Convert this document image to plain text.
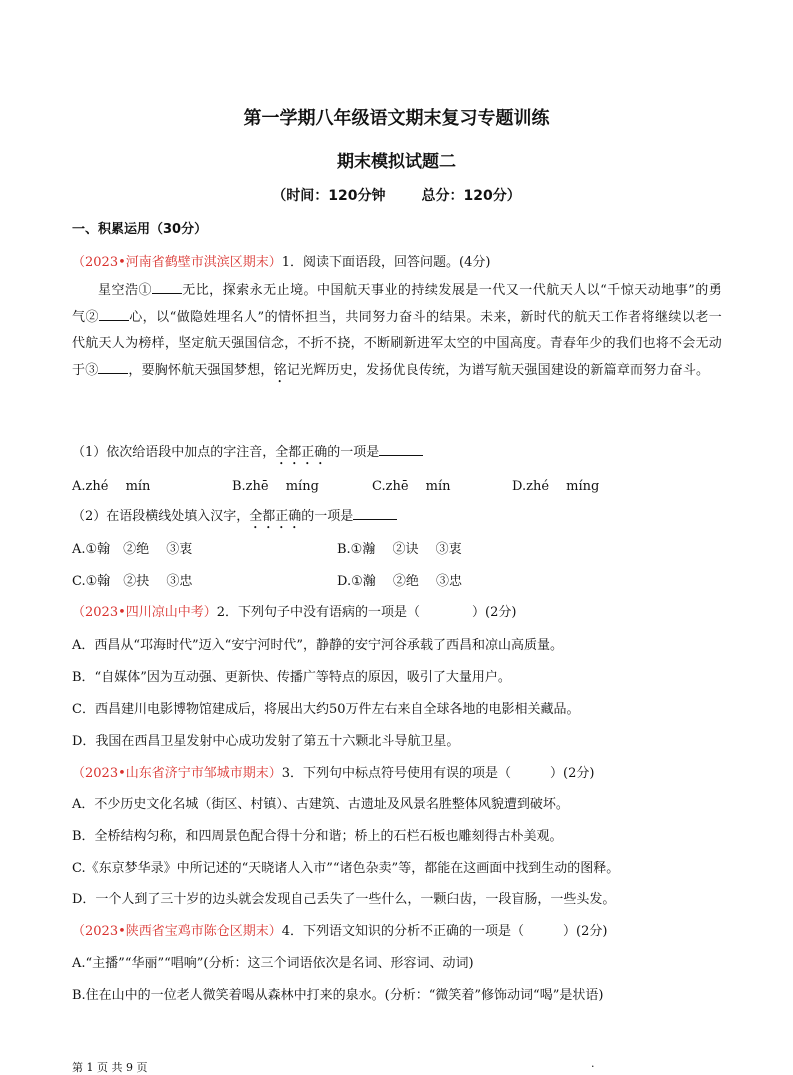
第一学期八年级语文期末复习专题训练
期末模拟试题二
（时间：120分钟	总分：120分）
一、积累运用（30分）
（2023•河南省鹤壁市淇滨区期末）1．阅读下面语段，回答问题。(4分)
星空浩① 无比，探索永无止境。中国航天事业的持续发展是一代又一代航天人以“千惊天动地事”的勇气② 心，以“做隐姓埋名人”的情怀担当，共同努力奋斗的结果。未来，新时代的航天工作者将继续以老一代航天人为榜样，坚定航天强国信念，不折不挠，不断刷新进军太空的中国高度。青春年少的我们也将不会无动于③ ，要胸怀航天强国梦想，铭记光辉历史，发扬优良传统，为谱写航天强国建设的新篇章而努力奋斗。
（1）依次给语段中加点的字注音，全都正确的一项是
A.zhé　 mín	B.zhē　 míng	C.zhē　 mín	D.zhé　 míng
（2）在语段横线处填入汉字，全都正确的一项是
A.①翰　②绝　 ③衷	B.①瀚　 ②诀　 ③衷
C.①翰　②抉　 ③忠	D.①瀚　 ②绝　 ③忠
（2023•四川凉山中考）2．下列句子中没有语病的一项是（　　　　）(2分)
A．西昌从“邛海时代”迈入“安宁河时代”，静静的安宁河谷承载了西昌和凉山高质量。
B．“自媒体”因为互动强、更新快、传播广等特点的原因，吸引了大量用户。
C．西昌建川电影博物馆建成后，将展出大约50万件左右来自全球各地的电影相关藏品。
D．我国在西昌卫星发射中心成功发射了第五十六颗北斗导航卫星。
（2023•山东省济宁市邹城市期末）3．下列句中标点符号使用有误的项是（　　　）(2分)
A．不少历史文化名城（街区、村镇）、古建筑、古遗址及风景名胜整体风貌遭到破坏。
B．全桥结构匀称，和四周景色配合得十分和谐；桥上的石栏石板也雕刻得古朴美观。
C.《东京梦华录》中所记述的“天晓诸人入市”“诸色杂卖”等，都能在这画面中找到生动的图释。
D．一个人到了三十岁的边头就会发现自己丢失了一些什么，一颗臼齿，一段盲肠，一些头发。
（2023•陕西省宝鸡市陈仓区期末）4．下列语文知识的分析不正确的一项是（　　　）(2分)
A.“主播”“华丽”“唱响”(分析：这三个词语依次是名词、形容词、动词)
B.住在山中的一位老人微笑着喝从森林中打来的泉水。(分析：“微笑着”修饰动词“喝”是状语)
第 1 页 共 9 页	.
